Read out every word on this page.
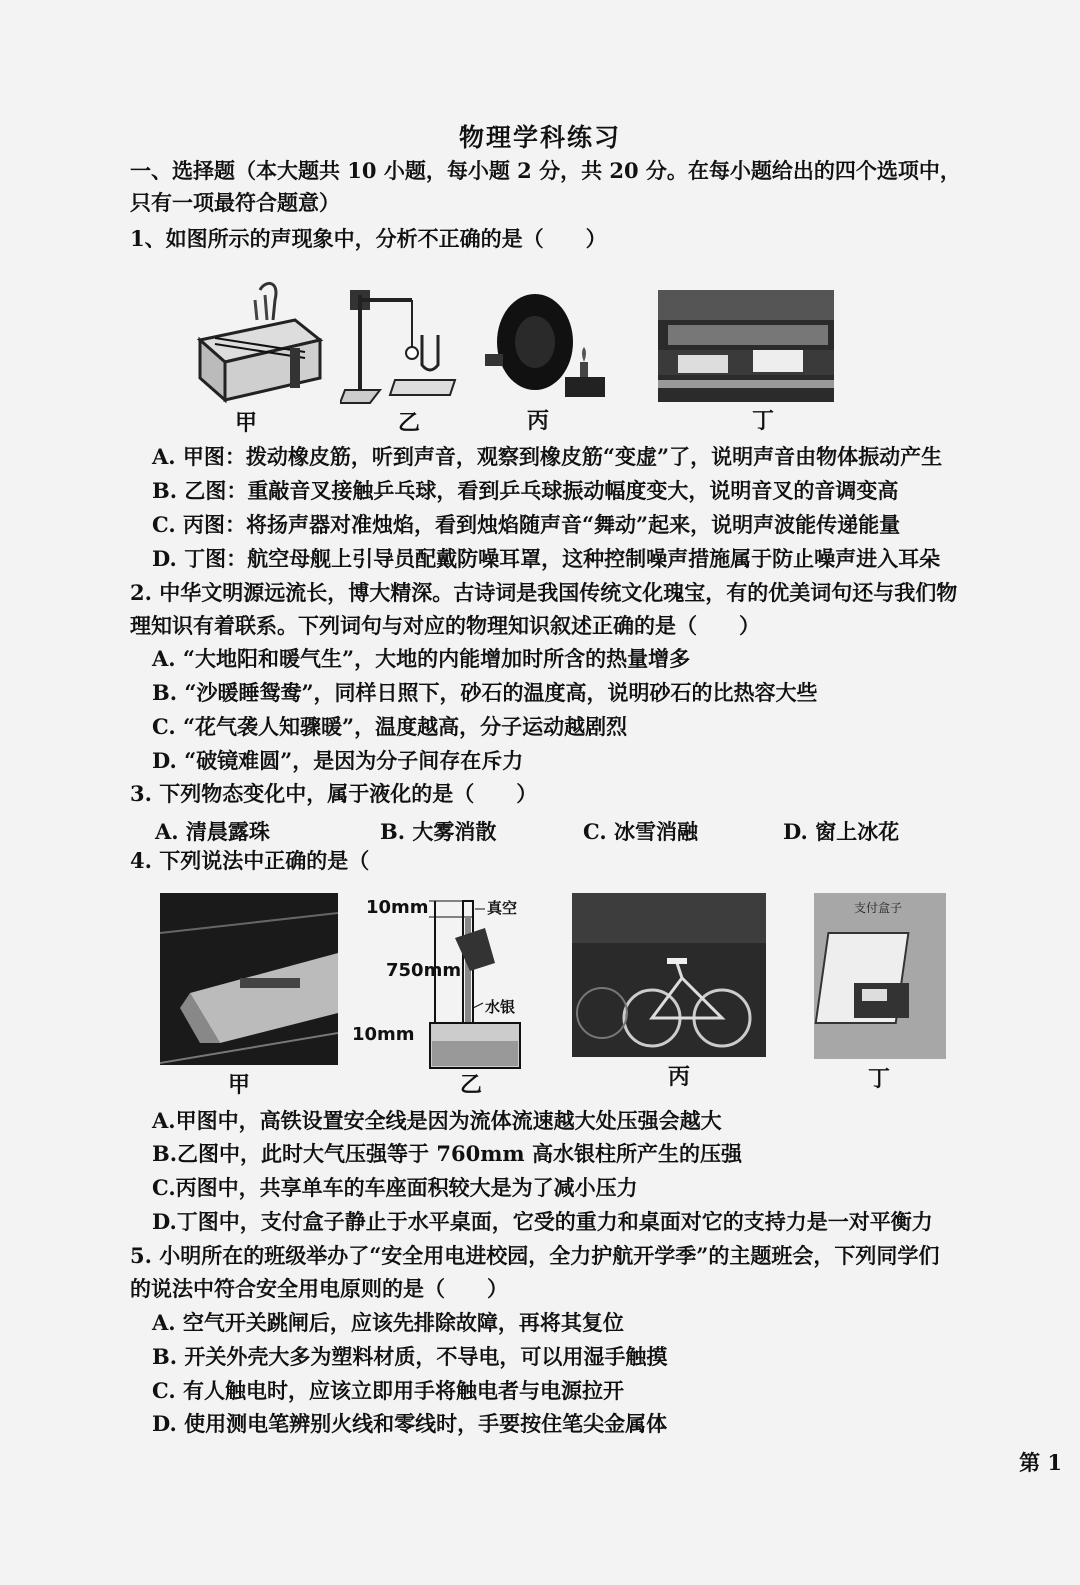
物理学科练习
一、选择题（本大题共 10 小题，每小题 2 分，共 20 分。在每小题给出的四个选项中，
只有一项最符合题意）
1、如图所示的声现象中，分析不正确的是（　　）
甲	乙	丙	丁
A. 甲图：拨动橡皮筋，听到声音，观察到橡皮筋“变虚”了，说明声音由物体振动产生
B. 乙图：重敲音叉接触乒乓球，看到乒乓球振动幅度变大，说明音叉的音调变高
C. 丙图：将扬声器对准烛焰，看到烛焰随声音“舞动”起来，说明声波能传递能量
D. 丁图：航空母舰上引导员配戴防噪耳罩，这种控制噪声措施属于防止噪声进入耳朵
2. 中华文明源远流长，博大精深。古诗词是我国传统文化瑰宝，有的优美词句还与我们物
理知识有着联系。下列词句与对应的物理知识叙述正确的是（　　）
A. “大地阳和暖气生”，大地的内能增加时所含的热量增多
B. “沙暖睡鸳鸯”，同样日照下，砂石的温度高，说明砂石的比热容大些
C. “花气袭人知骤暖”，温度越高，分子运动越剧烈
D. “破镜难圆”，是因为分子间存在斥力
3. 下列物态变化中，属于液化的是（　　）
A. 清晨露珠	B. 大雾消散	C. 冰雪消融	D. 窗上冰花
4. 下列说法中正确的是（
甲
10mm
750mm
10mm
真空
水银
乙	丙
支付盒子
丁
A.甲图中，高铁设置安全线是因为流体流速越大处压强会越大
B.乙图中，此时大气压强等于 760mm 高水银柱所产生的压强
C.丙图中，共享单车的车座面积较大是为了减小压力
D.丁图中，支付盒子静止于水平桌面，它受的重力和桌面对它的支持力是一对平衡力
5. 小明所在的班级举办了“安全用电进校园，全力护航开学季”的主题班会，下列同学们
的说法中符合安全用电原则的是（　　）
A. 空气开关跳闸后，应该先排除故障，再将其复位
B. 开关外壳大多为塑料材质，不导电，可以用湿手触摸
C. 有人触电时，应该立即用手将触电者与电源拉开
D. 使用测电笔辨别火线和零线时，手要按住笔尖金属体
第 1
